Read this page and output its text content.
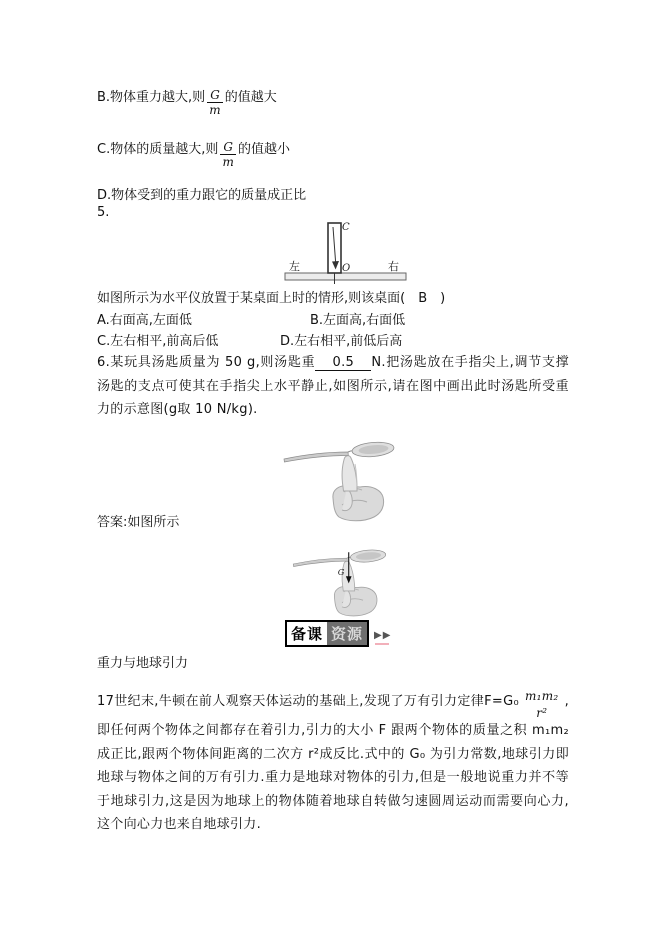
B.物体重力越大,则 $\frac{G}{m}$ 的值越大
C.物体的质量越大,则 $\frac{G}{m}$ 的值越小
D.物体受到的重力跟它的质量成正比
5.
C
O
左	右
如图所示为水平仪放置于某桌面上时的情形,则该桌面(　B　)
A.右面高,左面低	B.左面高,右面低
C.左右相平,前高后低	D.左右相平,前低后高
6.某玩具汤匙质量为 50 g,则汤匙重 0.5 N.把汤匙放在手指尖上,调节支撑汤匙的支点可使其在手指尖上水平静止,如图所示,请在图中画出此时汤匙所受重力的示意图(g取 10 N/kg).
答案:如图所示
G
备课 资源	▶▶
重力与地球引力
17世纪末,牛顿在前人观察天体运动的基础上,发现了万有引力定律F=G₀ m₁m₂
r²
,即任何两个物体之间都存在着引力,引力的大小 F 跟两个物体的质量之积 m₁m₂成正比,跟两个物体间距离的二次方 r²成反比.式中的 G₀ 为引力常数,地球引力即地球与物体之间的万有引力.重力是地球对物体的引力,但是一般地说重力并不等于地球引力,这是因为地球上的物体随着地球自转做匀速圆周运动而需要向心力,这个向心力也来自地球引力.
